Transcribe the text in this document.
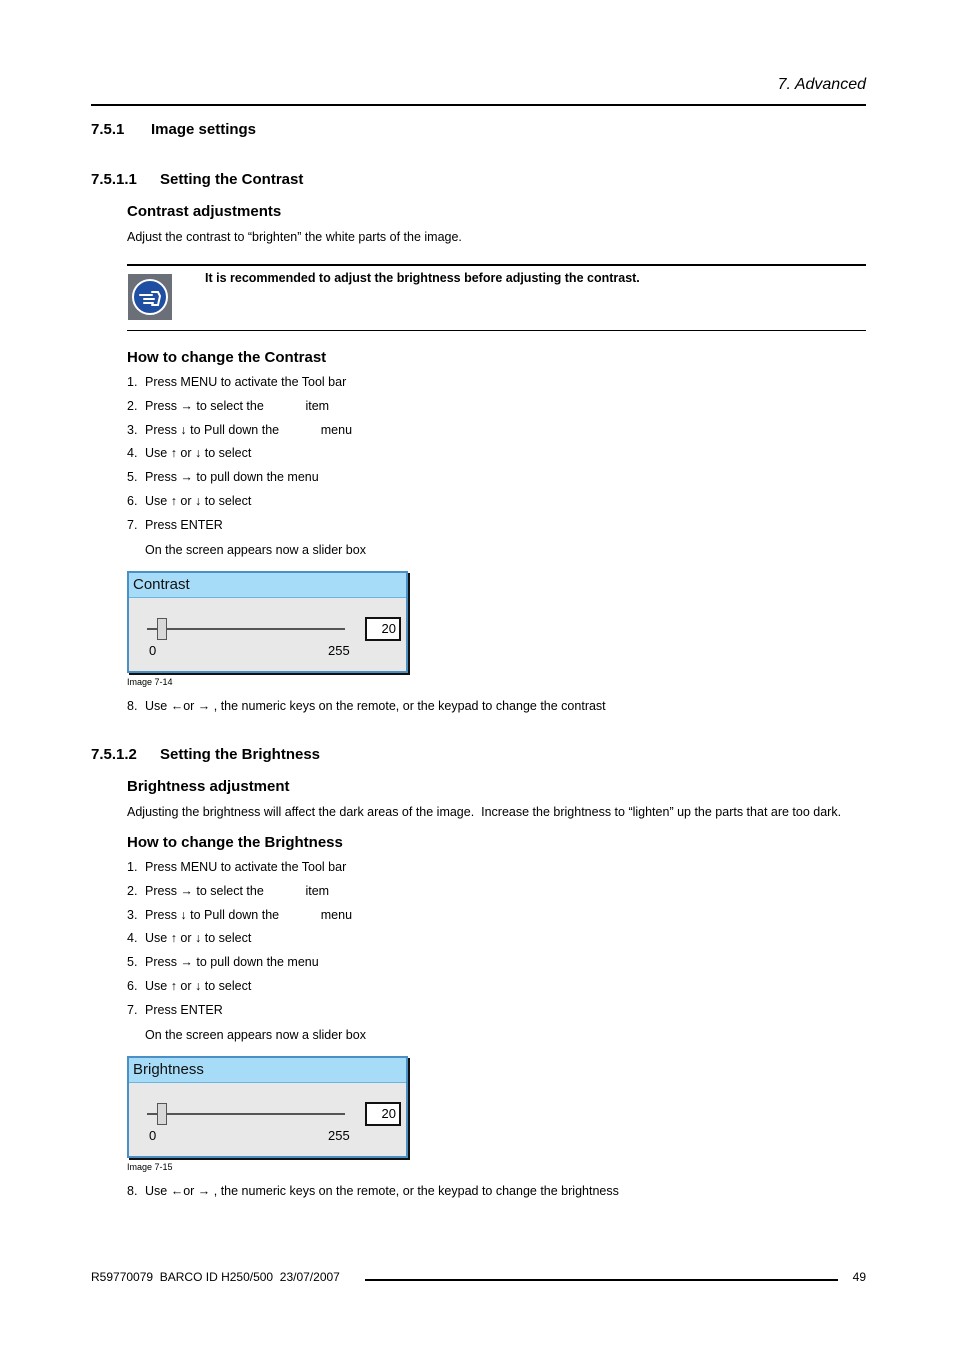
7. Advanced
7.5.1 Image settings
7.5.1.1 Setting the Contrast
Contrast adjustments
Adjust the contrast to “brighten” the white parts of the image.
It is recommended to adjust the brightness before adjusting the contrast.
How to change the Contrast
1. Press MENU to activate the Tool bar
2. Press → to select the            item
3. Press ↓ to Pull down the            menu
4. Use ↑ or ↓ to select
5. Press → to pull down the menu
6. Use ↑ or ↓ to select
7. Press ENTER
On the screen appears now a slider box
Contrast
0	255
20
Image 7-14
8. Use ←or → , the numeric keys on the remote, or the keypad to change the contrast
7.5.1.2 Setting the Brightness
Brightness adjustment
Adjusting the brightness will affect the dark areas of the image.  Increase the brightness to “lighten” up the parts that are too dark.
How to change the Brightness
1. Press MENU to activate the Tool bar
2. Press → to select the            item
3. Press ↓ to Pull down the            menu
4. Use ↑ or ↓ to select
5. Press → to pull down the menu
6. Use ↑ or ↓ to select
7. Press ENTER
On the screen appears now a slider box
Brightness
0	255
20
Image 7-15
8. Use ←or → , the numeric keys on the remote, or the keypad to change the brightness
R59770079  BARCO ID H250/500  23/07/2007	49
